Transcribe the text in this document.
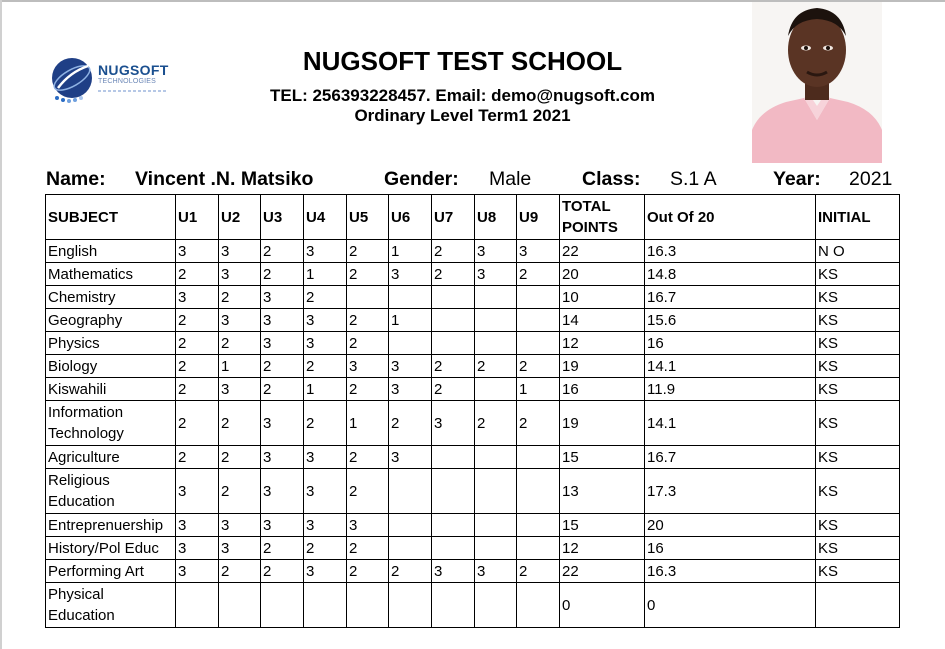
NUGSOFT
TECHNOLOGIES
NUGSOFT TEST SCHOOL
TEL: 256393228457. Email: demo@nugsoft.com
Ordinary Level Term1 2021
Name: Vincent .N. Matsiko	Gender: Male	Class: S.1 A	Year: 2021
SUBJECT	U1	U2	U3	U4	U5	U6	U7	U8	U9	TOTAL POINTS	Out Of 20	INITIAL
English	3	3	2	3	2	1	2	3	3	22	16.3	N O
Mathematics	2	3	2	1	2	3	2	3	2	20	14.8	KS
Chemistry	3	2	3	2						10	16.7	KS
Geography	2	3	3	3	2	1				14	15.6	KS
Physics	2	2	3	3	2					12	16	KS
Biology	2	1	2	2	3	3	2	2	2	19	14.1	KS
Kiswahili	2	3	2	1	2	3	2		1	16	11.9	KS
Information Technology	2	2	3	2	1	2	3	2	2	19	14.1	KS
Agriculture	2	2	3	3	2	3				15	16.7	KS
Religious Education	3	2	3	3	2					13	17.3	KS
Entreprenuership	3	3	3	3	3					15	20	KS
History/Pol Educ	3	3	2	2	2					12	16	KS
Performing Art	3	2	2	3	2	2	3	3	2	22	16.3	KS
Physical Education										0	0	
